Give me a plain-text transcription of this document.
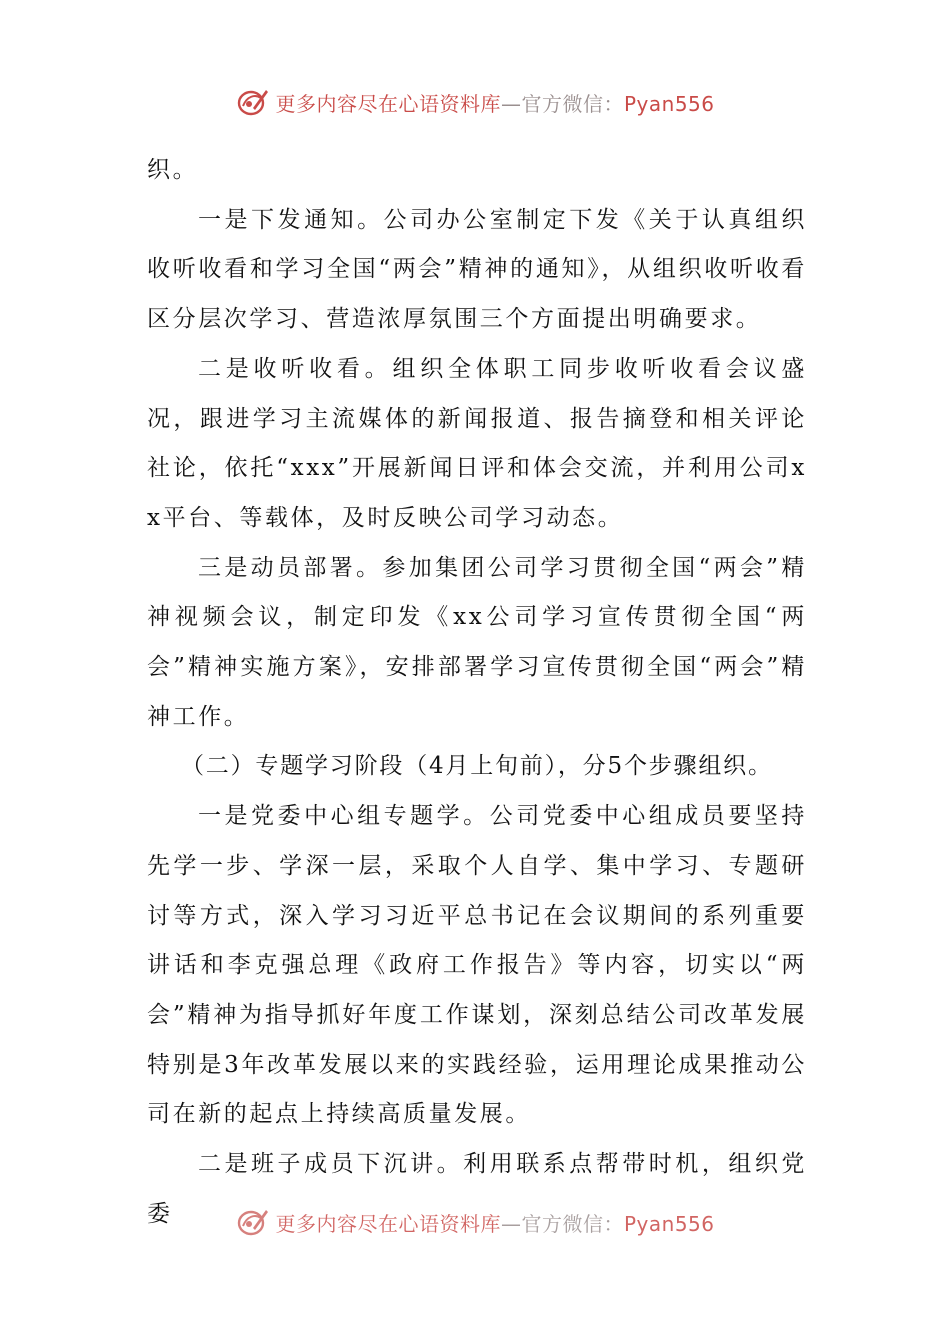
更多内容尽在心语资料库—官方微信：Pyan556

织。

一是下发通知。公司办公室制定下发《关于认真组织收听收看和学习全国“两会”精神的通知》，从组织收听收看区分层次学习、营造浓厚氛围三个方面提出明确要求。

二是收听收看。组织全体职工同步收听收看会议盛况，跟进学习主流媒体的新闻报道、报告摘登和相关评论社论，依托“xxx”开展新闻日评和体会交流，并利用公司xx平台、等载体，及时反映公司学习动态。

三是动员部署。参加集团公司学习贯彻全国“两会”精神视频会议，制定印发《xx公司学习宣传贯彻全国“两会”精神实施方案》，安排部署学习宣传贯彻全国“两会”精神工作。

（二）专题学习阶段（4月上旬前），分5个步骤组织。

一是党委中心组专题学。公司党委中心组成员要坚持先学一步、学深一层，采取个人自学、集中学习、专题研讨等方式，深入学习习近平总书记在会议期间的系列重要讲话和李克强总理《政府工作报告》等内容，切实以“两会”精神为指导抓好年度工作谋划，深刻总结公司改革发展特别是3年改革发展以来的实践经验，运用理论成果推动公司在新的起点上持续高质量发展。

二是班子成员下沉讲。利用联系点帮带时机，组织党委	更多内容尽在心语资料库—官方微信：Pyan556
